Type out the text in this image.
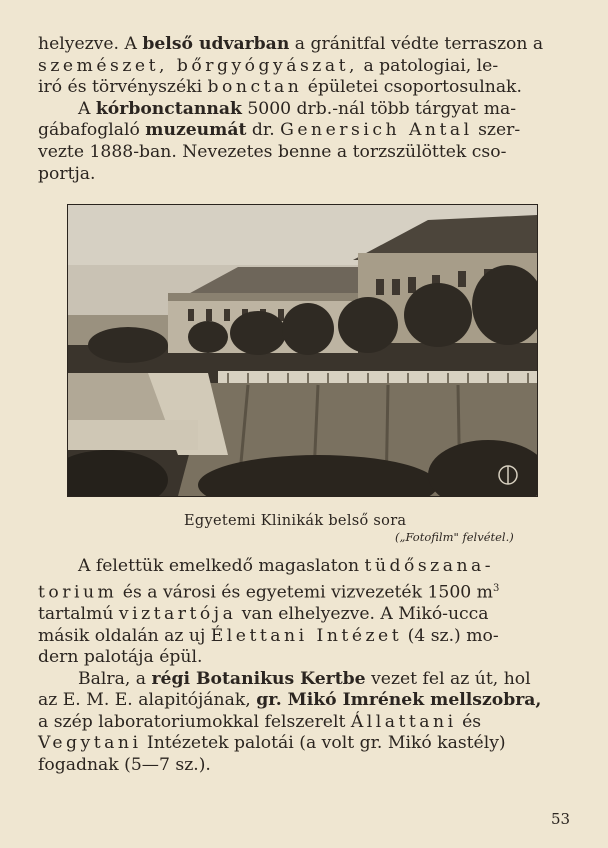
helyezve. A belső udvarban a gránitfal védte terraszon a
szemészet, bőrgyógyászat, a patologiai, le-
iró és törvényszéki bonctan épületei csoportosulnak.

A kórbonctannak 5000 drb.-nál több tárgyat ma-
gábafoglaló muzeumát dr. Genersich Antal szer-
vezte 1888-ban. Nevezetes benne a torzszülöttek cso-
portja.

Egyetemi Klinikák belső sora
(„Fotofilm" felvétel.)

A felettük emelkedő magaslaton tüdőszana-
torium és a városi és egyetemi vizvezeték 1500 $m^3$
tartalmú viztartója van elhelyezve. A Mikó-ucca
másik oldalán az uj Élettani Intézet (4 sz.) mo-
dern palotája épül.

Balra, a régi Botanikus Kertbe vezet fel az út, hol
az E. M. E. alapitójának, gr. Mikó Imrének mellszobra,
a szép laboratoriumokkal felszerelt Állattani és
Vegytani Intézetek palotái (a volt gr. Mikó kastély)
fogadnak (5—7 sz.).

53
